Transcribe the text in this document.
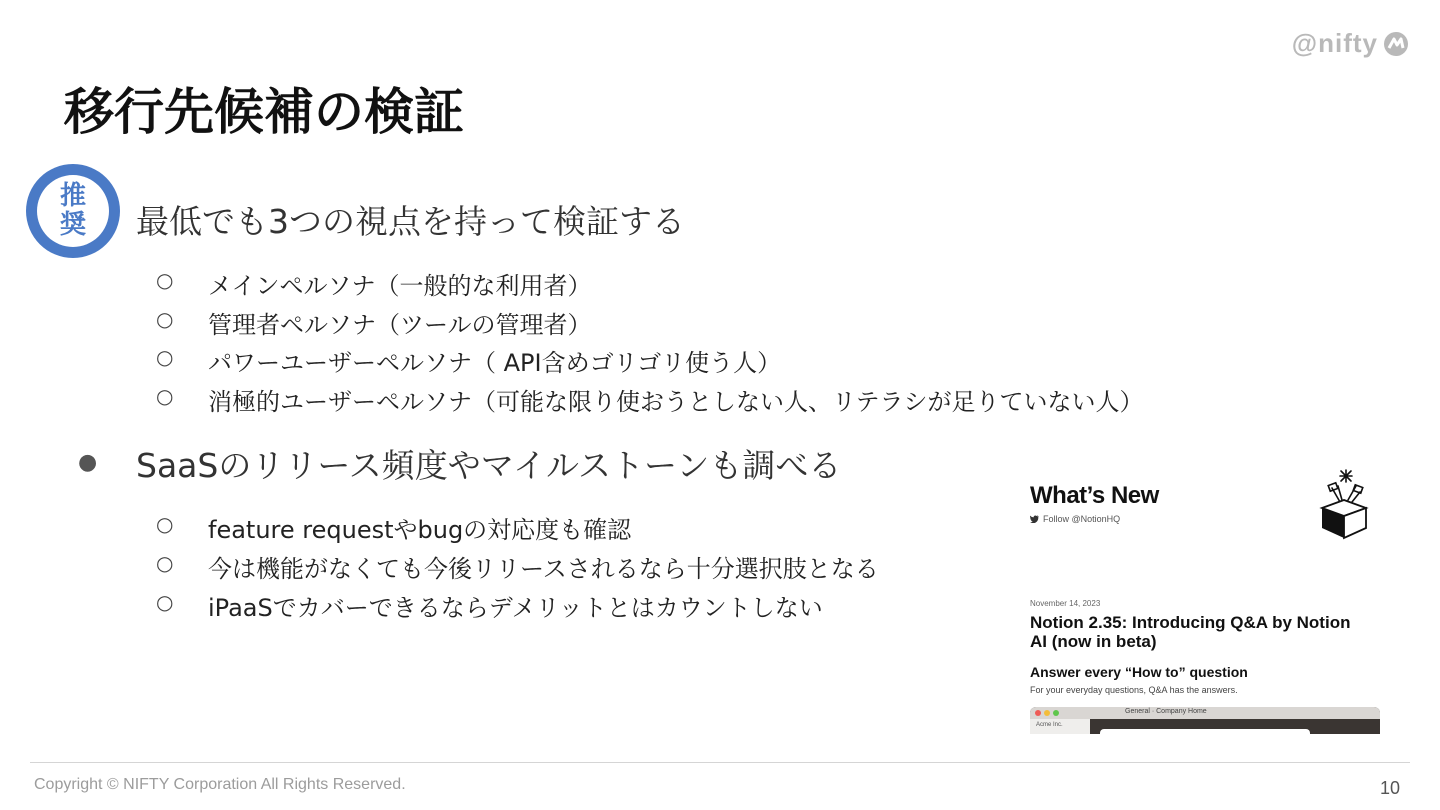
@nifty
移行先候補の検証
推
奨 最低でも3つの視点を持って検証する
○	メインペルソナ（一般的な利用者）
○	管理者ペルソナ（ツールの管理者）
○	パワーユーザーペルソナ（ API含めゴリゴリ使う人）
○	消極的ユーザーペルソナ（可能な限り使おうとしない人、リテラシが足りていない人）
● SaaSのリリース頻度やマイルストーンも調べる
○	feature requestやbugの対応度も確認
○	今は機能がなくても今後リリースされるなら十分選択肢となる
○	iPaaSでカバーできるならデメリットとはカウントしない
What’s New
Follow @NotionHQ
November 14, 2023
Notion 2.35: Introducing Q&A by Notion AI (now in beta)
Answer every “How to” question
For your everyday questions, Q&A has the answers.
General · Company Home
Acme Inc.
Copyright © NIFTY Corporation All Rights Reserved.	10
